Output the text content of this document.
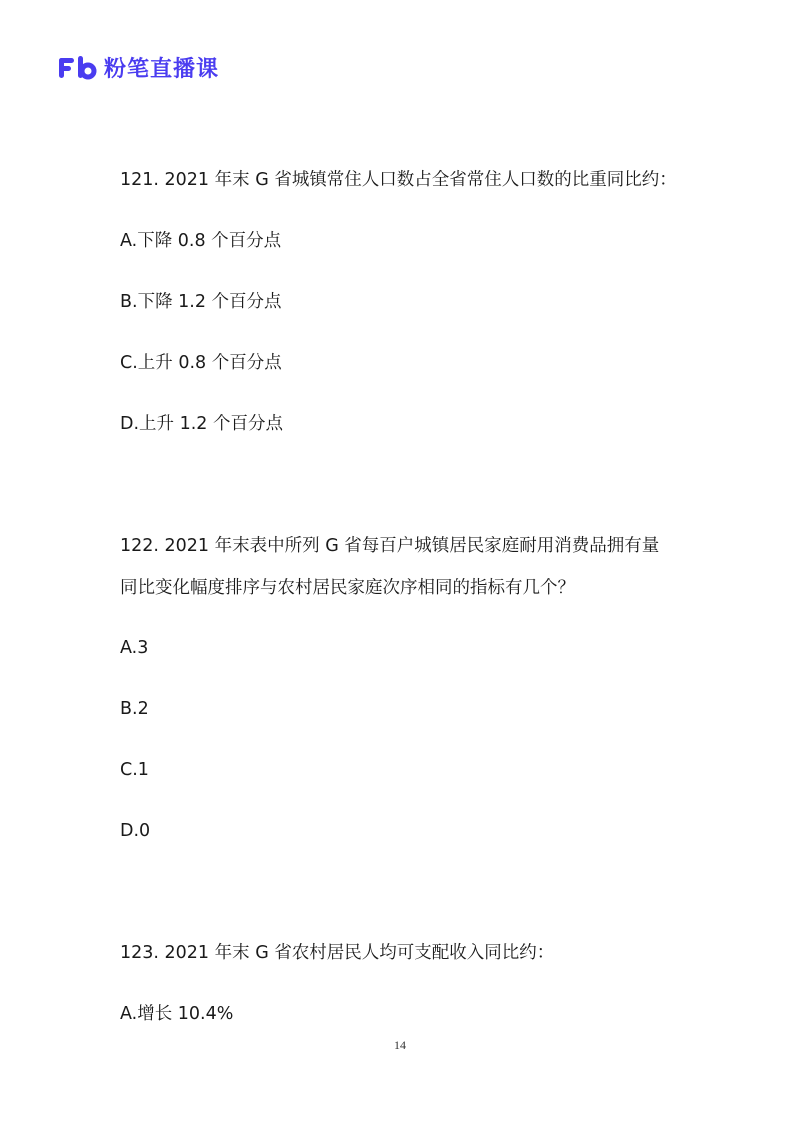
粉笔直播课
121. 2021 年末 G 省城镇常住人口数占全省常住人口数的比重同比约：
A.下降 0.8 个百分点
B.下降 1.2 个百分点
C.上升 0.8 个百分点
D.上升 1.2 个百分点
122. 2021 年末表中所列 G 省每百户城镇居民家庭耐用消费品拥有量
同比变化幅度排序与农村居民家庭次序相同的指标有几个？
A.3
B.2
C.1
D.0
123. 2021 年末 G 省农村居民人均可支配收入同比约：
A.增长 10.4%
14
